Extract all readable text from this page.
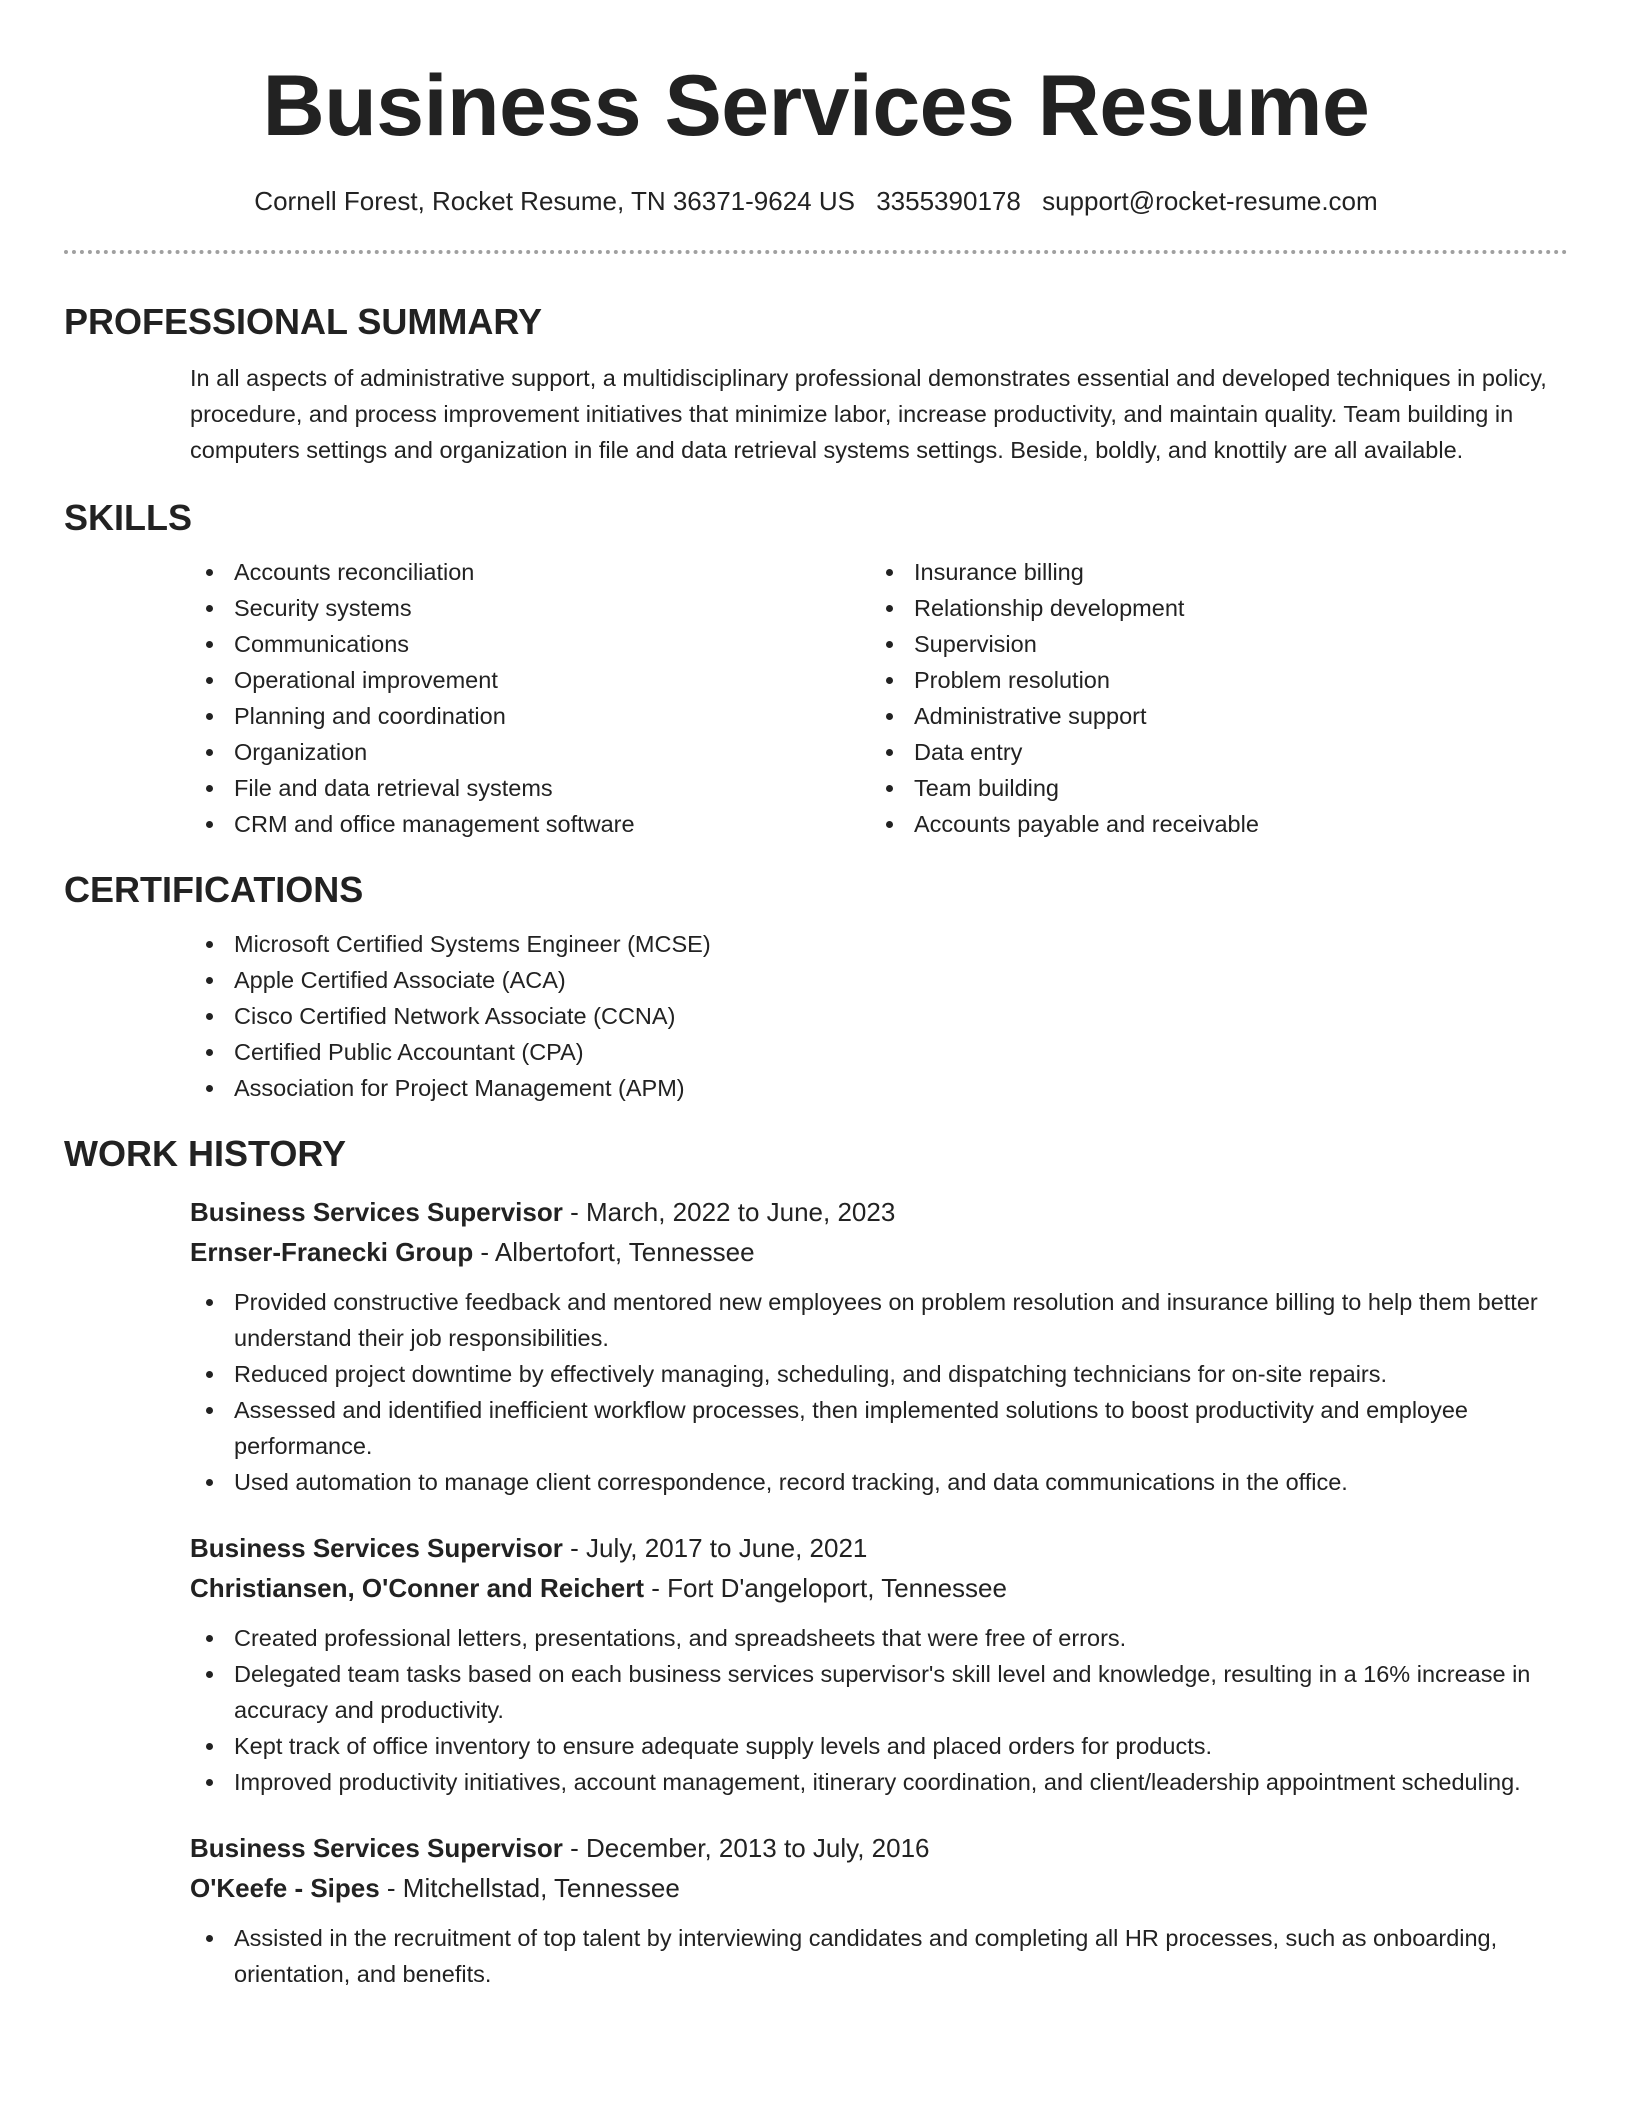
Business Services Resume
Cornell Forest, Rocket Resume, TN 36371-9624 US 3355390178 support@rocket-resume.com
PROFESSIONAL SUMMARY

In all aspects of administrative support, a multidisciplinary professional demonstrates essential and developed techniques in policy, procedure, and process improvement initiatives that minimize labor, increase productivity, and maintain quality. Team building in computers settings and organization in file and data retrieval systems settings. Beside, boldly, and knottily are all available.

SKILLS
Accounts reconciliation
Security systems
Communications
Operational improvement
Planning and coordination
Organization
File and data retrieval systems
CRM and office management software
Insurance billing
Relationship development
Supervision
Problem resolution
Administrative support
Data entry
Team building
Accounts payable and receivable
CERTIFICATIONS
Microsoft Certified Systems Engineer (MCSE)
Apple Certified Associate (ACA)
Cisco Certified Network Associate (CCNA)
Certified Public Accountant (CPA)
Association for Project Management (APM)
WORK HISTORY
Business Services Supervisor - March, 2022 to June, 2023
Ernser-Franecki Group - Albertofort, Tennessee
Provided constructive feedback and mentored new employees on problem resolution and insurance billing to help them better understand their job responsibilities.
Reduced project downtime by effectively managing, scheduling, and dispatching technicians for on-site repairs.
Assessed and identified inefficient workflow processes, then implemented solutions to boost productivity and employee performance.
Used automation to manage client correspondence, record tracking, and data communications in the office.
Business Services Supervisor - July, 2017 to June, 2021
Christiansen, O'Conner and Reichert - Fort D'angeloport, Tennessee
Created professional letters, presentations, and spreadsheets that were free of errors.
Delegated team tasks based on each business services supervisor's skill level and knowledge, resulting in a 16% increase in accuracy and productivity.
Kept track of office inventory to ensure adequate supply levels and placed orders for products.
Improved productivity initiatives, account management, itinerary coordination, and client/leadership appointment scheduling.
Business Services Supervisor - December, 2013 to July, 2016
O'Keefe - Sipes - Mitchellstad, Tennessee
Assisted in the recruitment of top talent by interviewing candidates and completing all HR processes, such as onboarding, orientation, and benefits.
